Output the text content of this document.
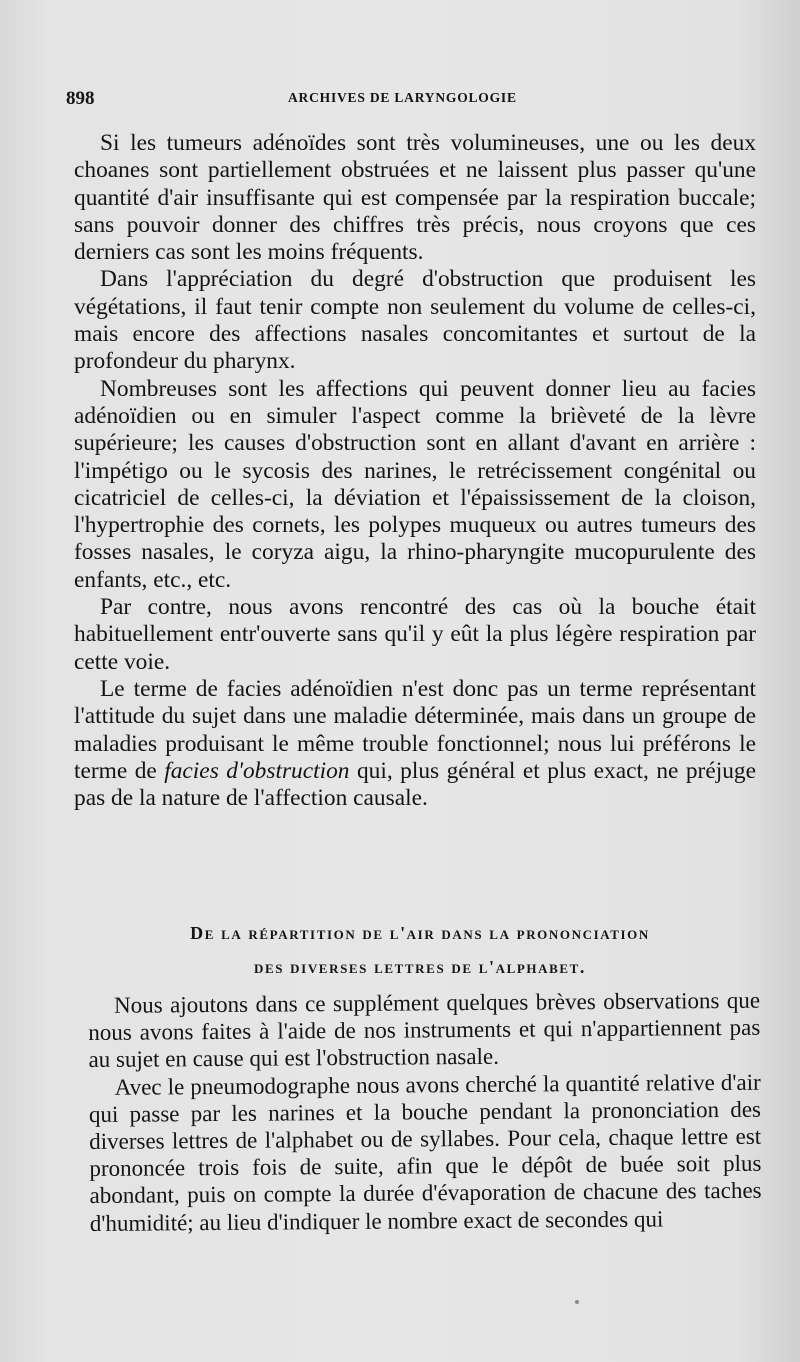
898	ARCHIVES DE LARYNGOLOGIE

Si les tumeurs adénoïdes sont très volumineuses, une ou les deux choanes sont partiellement obstruées et ne laissent plus passer qu'une quantité d'air insuffisante qui est compensée par la respiration buccale; sans pouvoir donner des chiffres très précis, nous croyons que ces derniers cas sont les moins fréquents.

Dans l'appréciation du degré d'obstruction que produisent les végétations, il faut tenir compte non seulement du volume de celles-ci, mais encore des affections nasales concomitantes et surtout de la profondeur du pharynx.

Nombreuses sont les affections qui peuvent donner lieu au facies adénoïdien ou en simuler l'aspect comme la brièveté de la lèvre supérieure; les causes d'obstruction sont en allant d'avant en arrière : l'impétigo ou le sycosis des narines, le retrécissement congénital ou cicatriciel de celles-ci, la déviation et l'épaississement de la cloison, l'hypertrophie des cornets, les polypes muqueux ou autres tumeurs des fosses nasales, le coryza aigu, la rhino-pharyngite mucopurulente des enfants, etc., etc.

Par contre, nous avons rencontré des cas où la bouche était habituellement entr'ouverte sans qu'il y eût la plus légère respiration par cette voie.

Le terme de facies adénoïdien n'est donc pas un terme représentant l'attitude du sujet dans une maladie déterminée, mais dans un groupe de maladies produisant le même trouble fonctionnel; nous lui préférons le terme de facies d'obstruction qui, plus général et plus exact, ne préjuge pas de la nature de l'affection causale.

De la répartition de l'air dans la prononciation
des diverses lettres de l'alphabet.

Nous ajoutons dans ce supplément quelques brèves observations que nous avons faites à l'aide de nos instruments et qui n'appartiennent pas au sujet en cause qui est l'obstruction nasale.

Avec le pneumodographe nous avons cherché la quantité relative d'air qui passe par les narines et la bouche pendant la prononciation des diverses lettres de l'alphabet ou de syllabes. Pour cela, chaque lettre est prononcée trois fois de suite, afin que le dépôt de buée soit plus abondant, puis on compte la durée d'évaporation de chacune des taches d'humidité; au lieu d'indiquer le nombre exact de secondes qui
